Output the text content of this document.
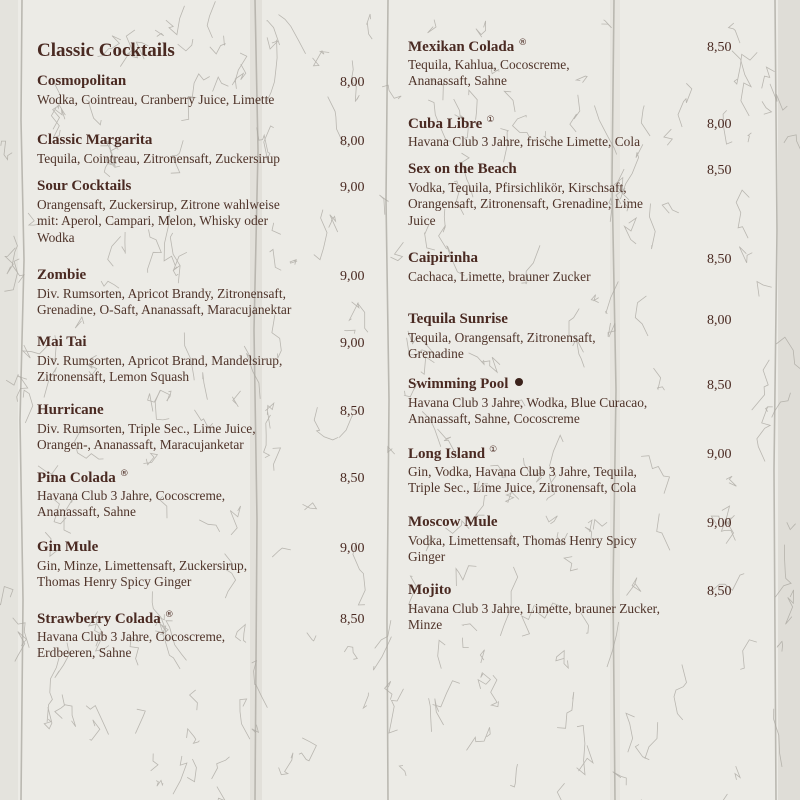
Classic Cocktails
Cosmopolitan	8,00
Wodka, Cointreau, Cranberry Juice, Limette
Classic Margarita	8,00
Tequila, Cointreau, Zitronensaft, Zuckersirup
Sour Cocktails	9,00
Orangensaft, Zuckersirup, Zitrone wahlweise
mit: Aperol, Campari, Melon, Whisky oder
Wodka
Zombie	9,00
Div. Rumsorten, Apricot Brandy, Zitronensaft,
Grenadine, O-Saft, Ananassaft, Maracujanektar
Mai Tai	9,00
Div. Rumsorten, Apricot Brand, Mandelsirup,
Zitronensaft, Lemon Squash
Hurricane	8,50
Div. Rumsorten, Triple Sec., Lime Juice,
Orangen-, Ananassaft, Maracujanketar
Pina Colada ®	8,50
Havana Club 3 Jahre, Cocoscreme,
Ananassaft, Sahne
Gin Mule	9,00
Gin, Minze, Limettensaft, Zuckersirup,
Thomas Henry Spicy Ginger
Strawberry Colada ®	8,50
Havana Club 3 Jahre, Cocoscreme,
Erdbeeren, Sahne
Mexikan Colada ®	8,50
Tequila, Kahlua, Cocoscreme,
Ananassaft, Sahne
Cuba Libre ①	8,00
Havana Club 3 Jahre, frische Limette, Cola
Sex on the Beach	8,50
Vodka, Tequila, Pfirsichlikör, Kirschsaft,
Orangensaft, Zitronensaft, Grenadine, Lime
Juice
Caipirinha	8,50
Cachaca, Limette, brauner Zucker
Tequila Sunrise	8,00
Tequila, Orangensaft, Zitronensaft,
Grenadine
Swimming Pool	8,50
Havana Club 3 Jahre, Wodka, Blue Curacao,
Ananassaft, Sahne, Cocoscreme
Long Island ①	9,00
Gin, Vodka, Havana Club 3 Jahre, Tequila,
Triple Sec., Lime Juice, Zitronensaft, Cola
Moscow Mule	9,00
Vodka, Limettensaft, Thomas Henry Spicy
Ginger
Mojito	8,50
Havana Club 3 Jahre, Limette, brauner Zucker,
Minze
